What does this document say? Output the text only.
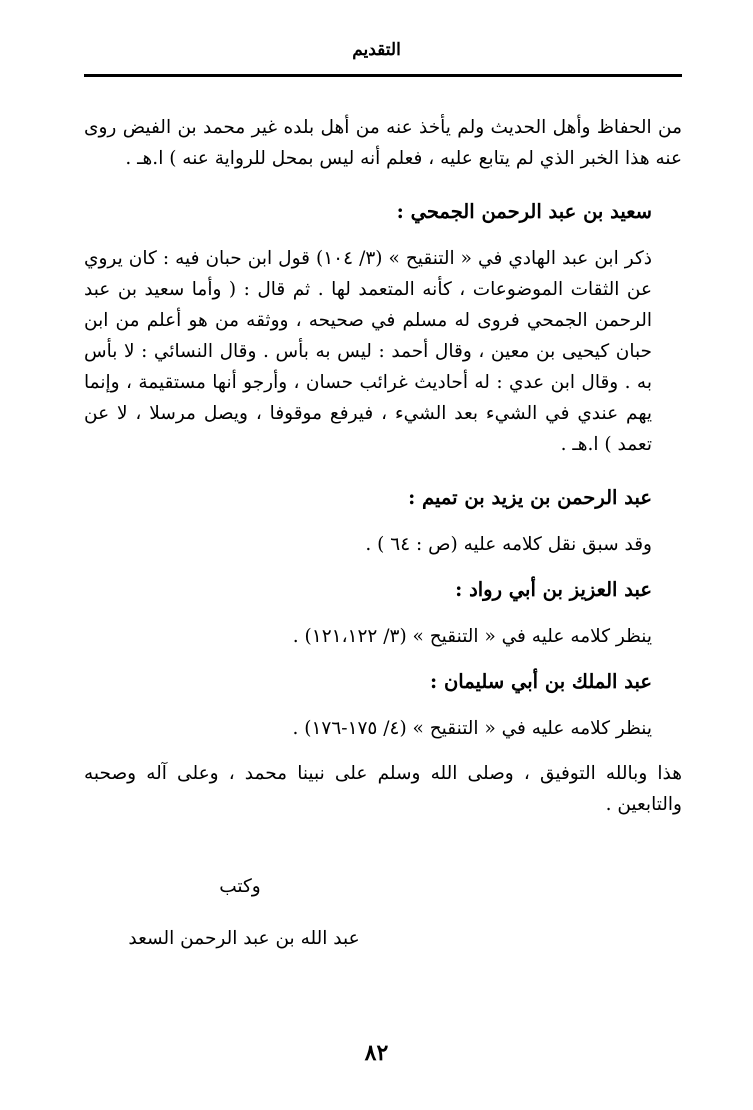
التقديم

من الحفاظ وأهل الحديث ولم يأخذ عنه من أهل بلده غير محمد بن الفيض روى عنه هذا الخبر الذي لم يتابع عليه ، فعلم أنه ليس بمحل للرواية عنه ) ا.هـ .

سعيد بن عبد الرحمن الجمحي :

ذكر ابن عبد الهادي في « التنقيح » (٣/ ١٠٤) قول ابن حبان فيه : كان يروي عن الثقات الموضوعات ، كأنه المتعمد لها . ثم قال : ( وأما سعيد بن عبد الرحمن الجمحي فروى له مسلم في صحيحه ، ووثقه من هو أعلم من ابن حبان كيحيى بن معين ، وقال أحمد : ليس به بأس . وقال النسائي : لا بأس به . وقال ابن عدي : له أحاديث غرائب حسان ، وأرجو أنها مستقيمة ، وإنما يهم عندي في الشيء بعد الشيء ، فيرفع موقوفا ، ويصل مرسلا ، لا عن تعمد ) ا.هـ .

عبد الرحمن بن يزيد بن تميم :

وقد سبق نقل كلامه عليه (ص : ٦٤ ) .

عبد العزيز بن أبي رواد :

ينظر كلامه عليه في « التنقيح » (٣/ ١٢١،١٢٢) .

عبد الملك بن أبي سليمان :

ينظر كلامه عليه في « التنقيح » (٤/ ١٧٥-١٧٦) .

هذا وبالله التوفيق ، وصلى الله وسلم على نبينا محمد ، وعلى آله وصحبه والتابعين .

وكتب
عبد الله بن عبد الرحمن السعد
٨٢
